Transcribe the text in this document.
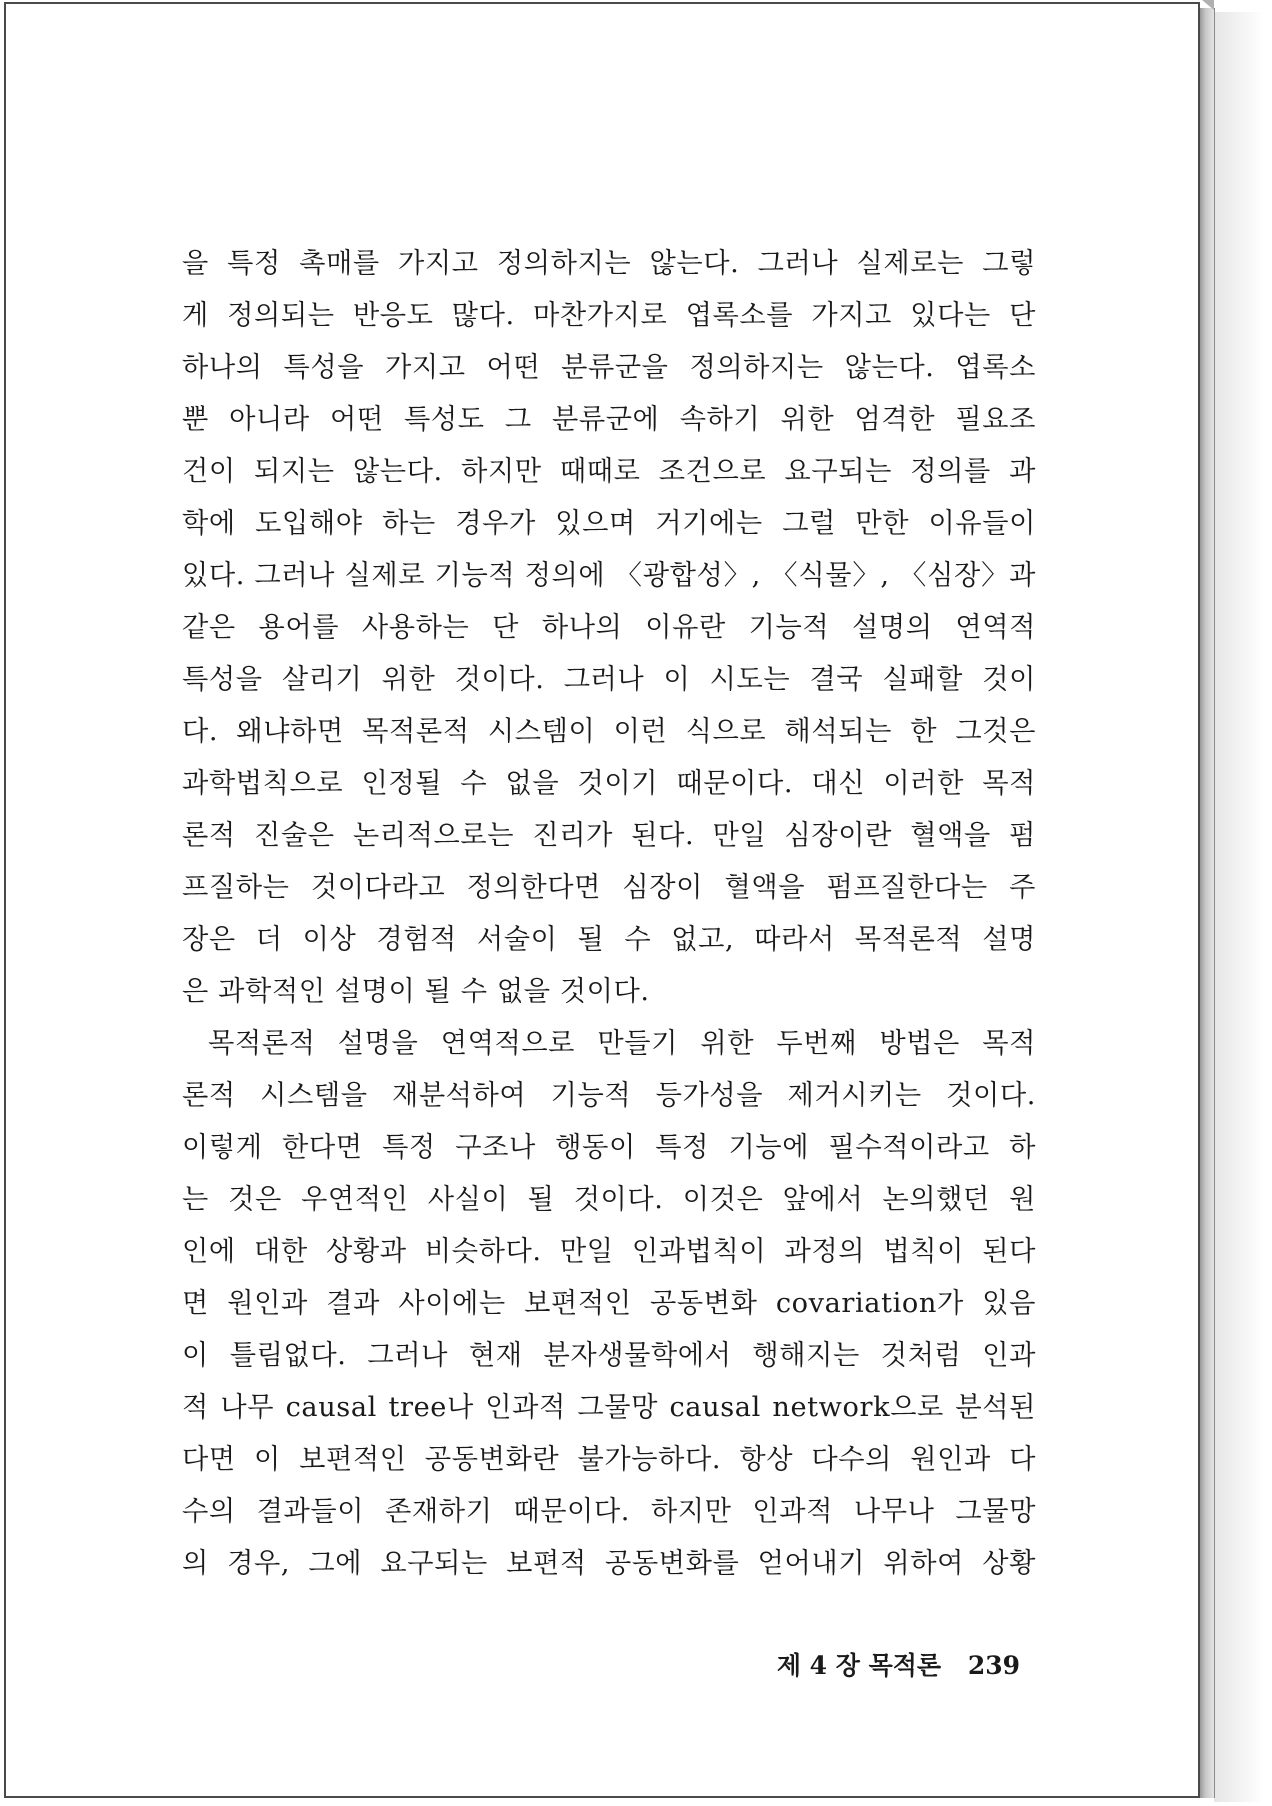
을 특정 촉매를 가지고 정의하지는 않는다. 그러나 실제로는 그렇
게 정의되는 반응도 많다. 마찬가지로 엽록소를 가지고 있다는 단
하나의 특성을 가지고 어떤 분류군을 정의하지는 않는다. 엽록소
뿐 아니라 어떤 특성도 그 분류군에 속하기 위한 엄격한 필요조
건이 되지는 않는다. 하지만 때때로 조건으로 요구되는 정의를 과
학에 도입해야 하는 경우가 있으며 거기에는 그럴 만한 이유들이
있다. 그러나 실제로 기능적 정의에 〈광합성〉, 〈식물〉, 〈심장〉과
같은 용어를 사용하는 단 하나의 이유란 기능적 설명의 연역적
특성을 살리기 위한 것이다. 그러나 이 시도는 결국 실패할 것이
다. 왜냐하면 목적론적 시스템이 이런 식으로 해석되는 한 그것은
과학법칙으로 인정될 수 없을 것이기 때문이다. 대신 이러한 목적
론적 진술은 논리적으로는 진리가 된다. 만일 심장이란 혈액을 펌
프질하는 것이다라고 정의한다면 심장이 혈액을 펌프질한다는 주
장은 더 이상 경험적 서술이 될 수 없고, 따라서 목적론적 설명
은 과학적인 설명이 될 수 없을 것이다.
목적론적 설명을 연역적으로 만들기 위한 두번째 방법은 목적
론적 시스템을 재분석하여 기능적 등가성을 제거시키는 것이다.
이렇게 한다면 특정 구조나 행동이 특정 기능에 필수적이라고 하
는 것은 우연적인 사실이 될 것이다. 이것은 앞에서 논의했던 원
인에 대한 상황과 비슷하다. 만일 인과법칙이 과정의 법칙이 된다
면 원인과 결과 사이에는 보편적인 공동변화 covariation가 있음
이 틀림없다. 그러나 현재 분자생물학에서 행해지는 것처럼 인과
적 나무 causal tree나 인과적 그물망 causal network으로 분석된
다면 이 보편적인 공동변화란 불가능하다. 항상 다수의 원인과 다
수의 결과들이 존재하기 때문이다. 하지만 인과적 나무나 그물망
의 경우, 그에 요구되는 보편적 공동변화를 얻어내기 위하여 상황
제 4 장 목적론 239
